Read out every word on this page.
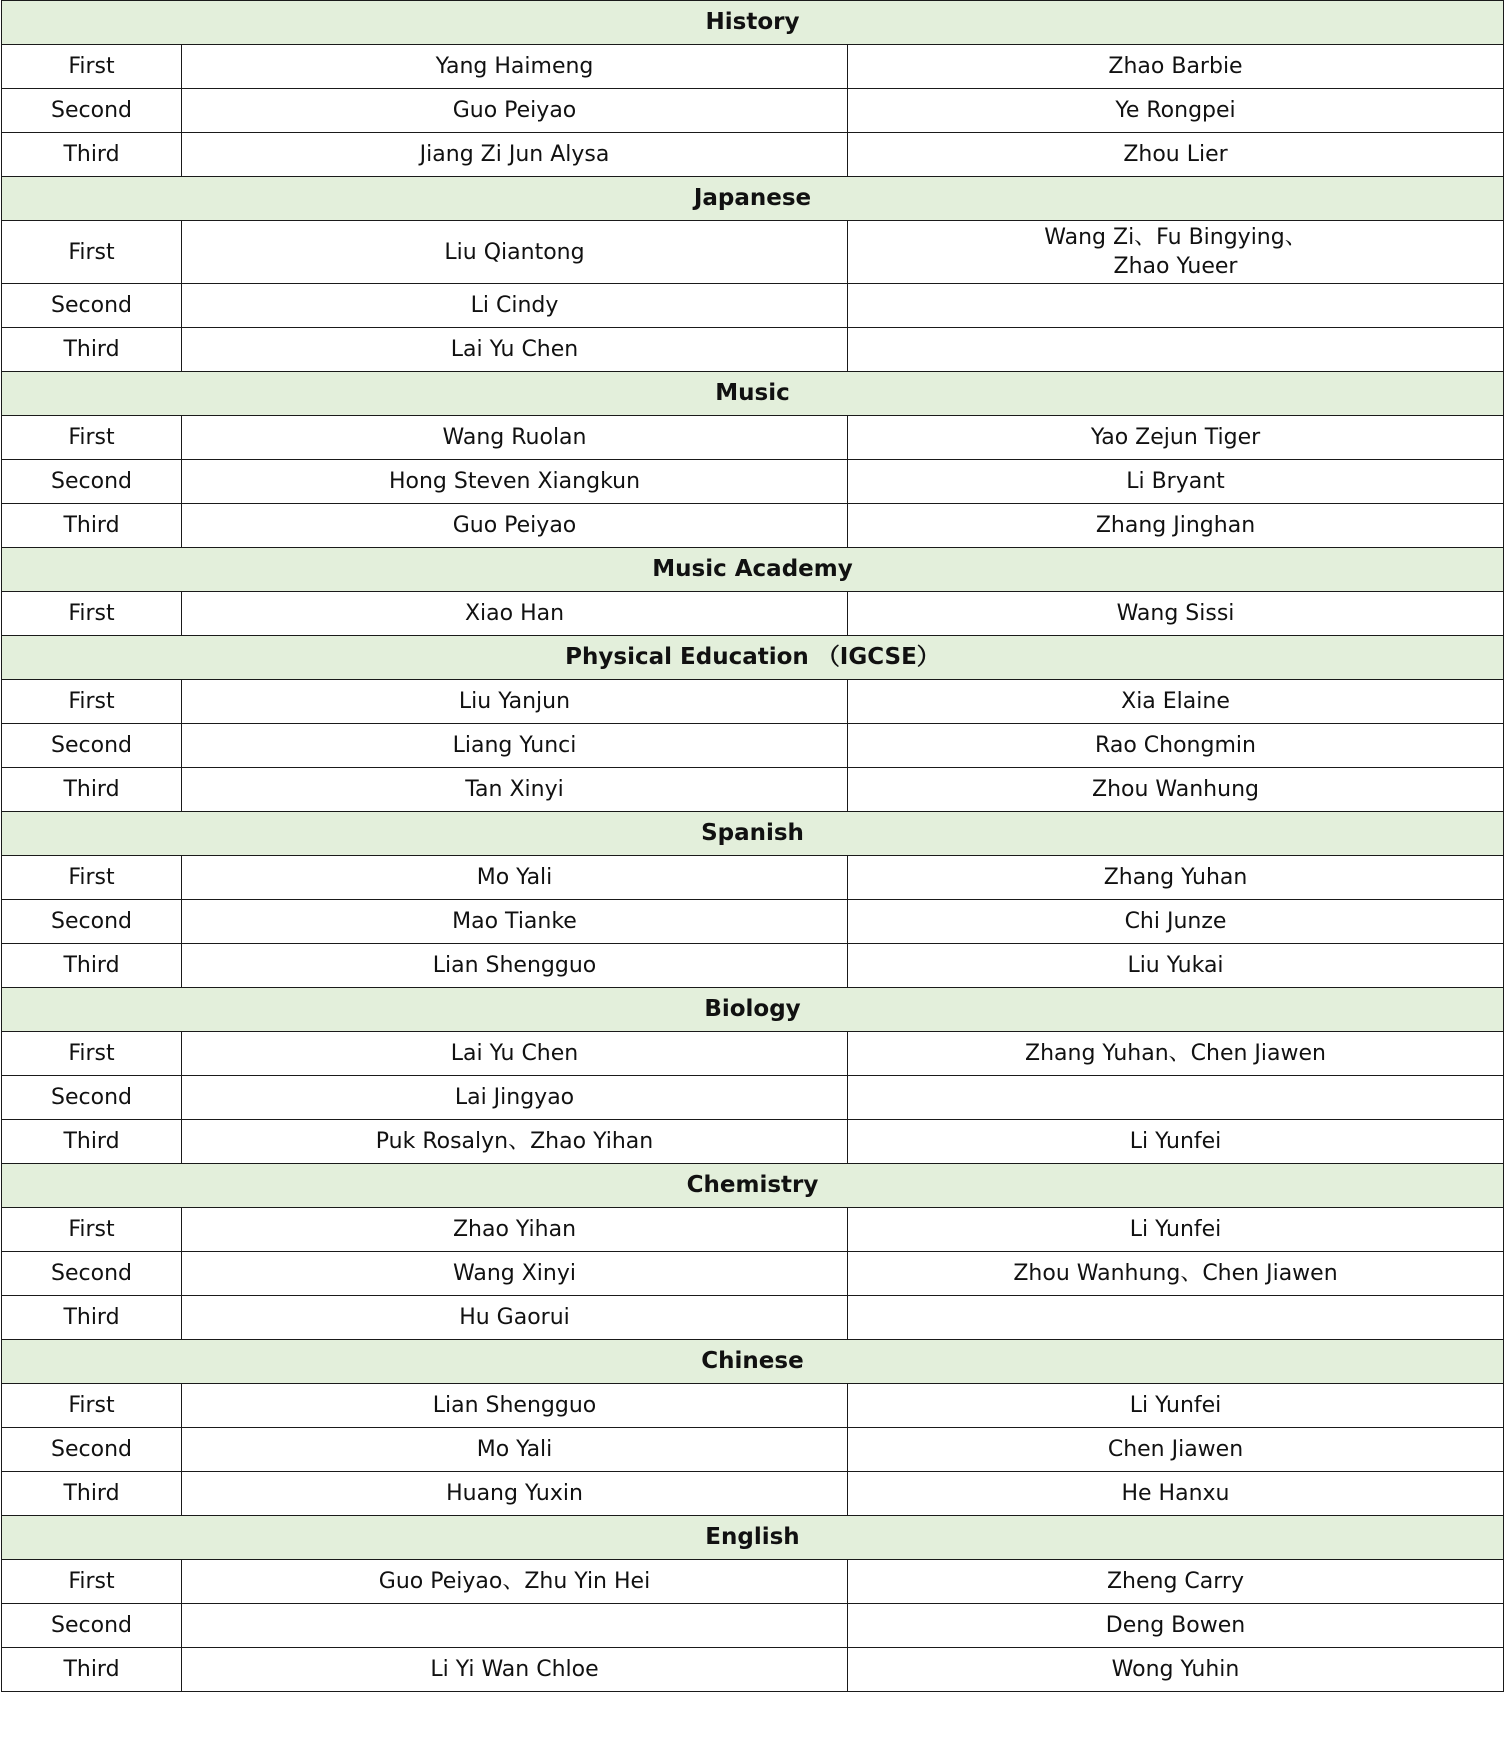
History		
First	Yang Haimeng	Zhao Barbie

Second	Guo Peiyao	Ye Rongpei

Third	Jiang Zi Jun Alysa	Zhou Lier

Japanese		
First	Liu Qiantong	Wang Zi、Fu Bingying、
Zhao Yueer

Second	Li Cindy	

Third	Lai Yu Chen	

Music		
First	Wang Ruolan	Yao Zejun Tiger

Second	Hong Steven Xiangkun	Li Bryant

Third	Guo Peiyao	Zhang Jinghan

Music Academy		
First	Xiao Han	Wang Sissi

Physical Education （IGCSE）		
First	Liu Yanjun	Xia Elaine

Second	Liang Yunci	Rao Chongmin

Third	Tan Xinyi	Zhou Wanhung

Spanish		
First	Mo Yali	Zhang Yuhan

Second	Mao Tianke	Chi Junze

Third	Lian Shengguo	Liu Yukai

Biology		
First	Lai Yu Chen	Zhang Yuhan、Chen Jiawen

Second	Lai Jingyao	

Third	Puk Rosalyn、Zhao Yihan	Li Yunfei

Chemistry		
First	Zhao Yihan	Li Yunfei

Second	Wang Xinyi	Zhou Wanhung、Chen Jiawen

Third	Hu Gaorui	

Chinese		
First	Lian Shengguo	Li Yunfei

Second	Mo Yali	Chen Jiawen

Third	Huang Yuxin	He Hanxu

English		
First	Guo Peiyao、Zhu Yin Hei	Zheng Carry

Second		Deng Bowen

Third	Li Yi Wan Chloe	Wong Yuhin
